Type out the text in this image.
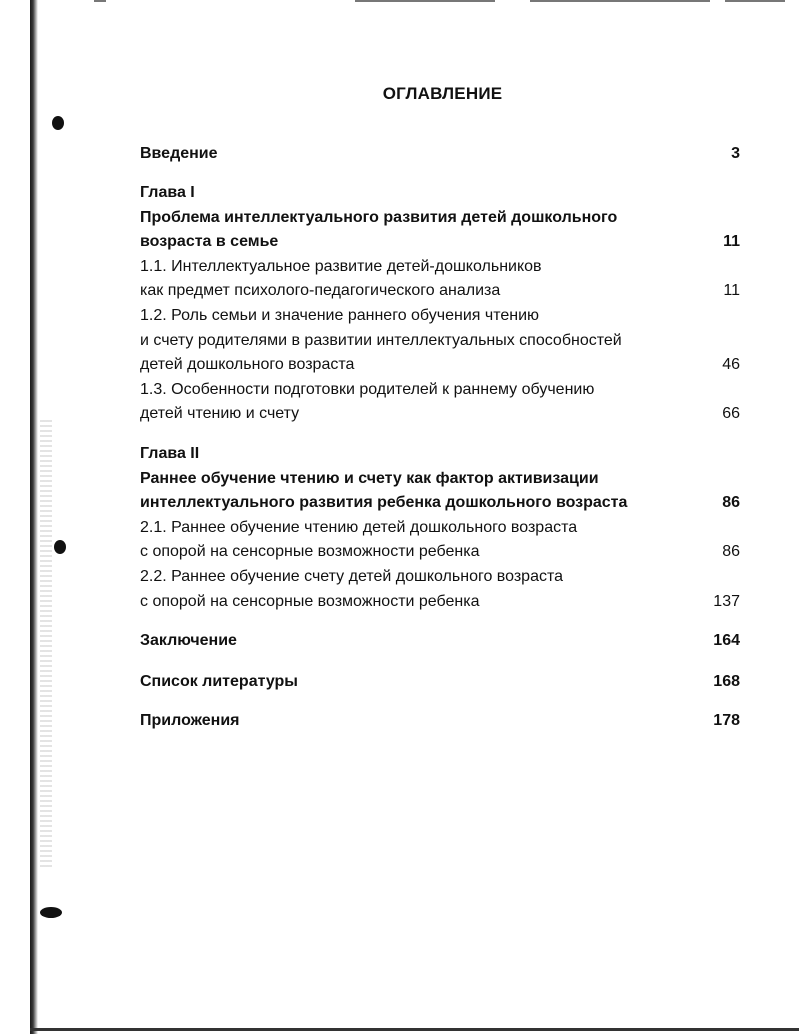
ОГЛАВЛЕНИЕ
Введение	3
Глава I
Проблема интеллектуального развития детей дошкольного
возраста в семье	11
1.1. Интеллектуальное развитие детей-дошкольников
как предмет психолого-педагогического анализа	11
1.2. Роль семьи и значение раннего обучения чтению
и счету родителями в развитии интеллектуальных способностей
детей дошкольного возраста	46
1.3. Особенности подготовки родителей к раннему обучению
детей чтению и счету	66
Глава II
Раннее обучение чтению и счету как фактор активизации
интеллектуального развития ребенка дошкольного возраста	86
2.1. Раннее обучение чтению детей дошкольного возраста
с опорой на сенсорные возможности ребенка	86
2.2. Раннее обучение счету детей дошкольного возраста
с опорой на сенсорные возможности ребенка	137
Заключение	164
Список литературы	168
Приложения	178
